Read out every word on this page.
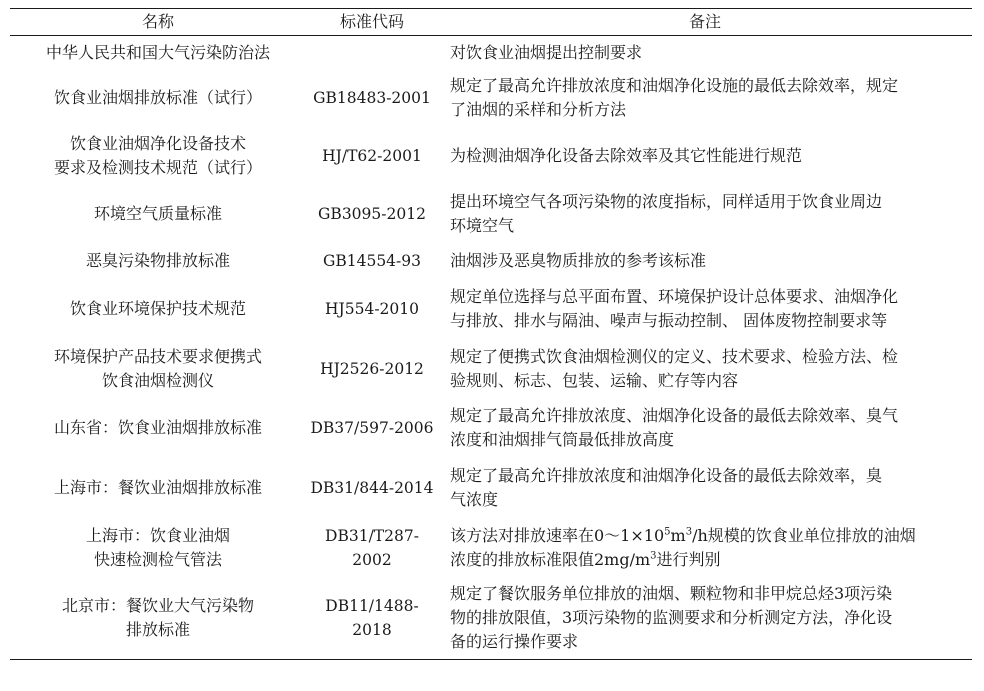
名称	标准代码	备注

中华人民共和国大气污染防治法		对饮食业油烟提出控制要求

饮食业油烟排放标准（试行）	GB18483-2001	规定了最高允许排放浓度和油烟净化设施的最低去除效率，规定
了油烟的采样和分析方法

饮食业油烟净化设备技术
要求及检测技术规范（试行）	HJ/T62-2001	为检测油烟净化设备去除效率及其它性能进行规范

环境空气质量标准	GB3095-2012	提出环境空气各项污染物的浓度指标，同样适用于饮食业周边
环境空气

恶臭污染物排放标准	GB14554-93	油烟涉及恶臭物质排放的参考该标准

饮食业环境保护技术规范	HJ554-2010	规定单位选择与总平面布置、环境保护设计总体要求、油烟净化
与排放、排水与隔油、噪声与振动控制、 固体废物控制要求等

环境保护产品技术要求便携式
饮食油烟检测仪	HJ2526-2012	规定了便携式饮食油烟检测仪的定义、技术要求、检验方法、检
验规则、标志、包装、运输、贮存等内容

山东省：饮食业油烟排放标准	DB37/597-2006	规定了最高允许排放浓度、油烟净化设备的最低去除效率、臭气
浓度和油烟排气筒最低排放高度

上海市：餐饮业油烟排放标准	DB31/844-2014	规定了最高允许排放浓度和油烟净化设备的最低去除效率，臭
气浓度

上海市：饮食业油烟
快速检测检气管法	DB31/T287-2002	该方法对排放速率在$0\sim 1\times 10^5m^3/h$规模的饮食业单位排放的油烟
浓度的排放标准限值$2mg/m^3$进行判别

北京市：餐饮业大气污染物
排放标准	DB11/1488-2018	规定了餐饮服务单位排放的油烟、颗粒物和非甲烷总烃3项污染
物的排放限值，3项污染物的监测要求和分析测定方法，净化设
备的运行操作要求
